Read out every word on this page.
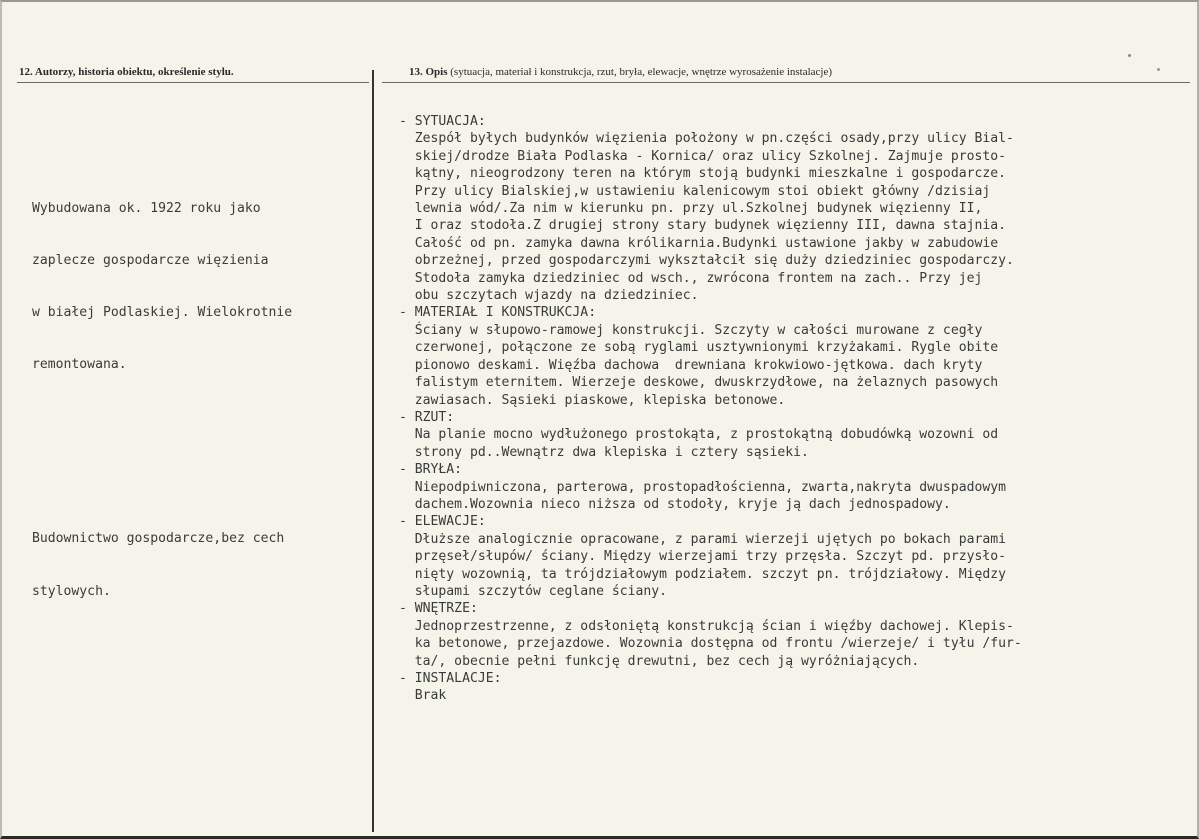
12. Autorzy, historia obiektu, określenie stylu.	13. Opis (sytuacja, materiał i konstrukcja, rzut, bryła, elewacje, wnętrze wyrosażenie instalacje)

Wybudowana ok. 1922 roku jako

zaplecze gospodarcze więzienia

w białej Podlaskiej. Wielokrotnie

remontowana.

Budownictwo gospodarcze,bez cech

stylowych.

- SYTUACJA:
Zespół byłych budynków więzienia położony w pn.części osady,przy ulicy Bial-
skiej/drodze Biała Podlaska - Kornica/ oraz ulicy Szkolnej. Zajmuje prosto-
kątny, nieogrodzony teren na którym stoją budynki mieszkalne i gospodarcze.
Przy ulicy Bialskiej,w ustawieniu kalenicowym stoi obiekt główny /dzisiaj
lewnia wód/.Za nim w kierunku pn. przy ul.Szkolnej budynek więzienny II,
I oraz stodoła.Z drugiej strony stary budynek więzienny III, dawna stajnia.
Całość od pn. zamyka dawna królikarnia.Budynki ustawione jakby w zabudowie
obrzeżnej, przed gospodarczymi wykształcił się duży dziedziniec gospodarczy.
Stodoła zamyka dziedziniec od wsch., zwrócona frontem na zach.. Przy jej
obu szczytach wjazdy na dziedziniec.
- MATERIAŁ I KONSTRUKCJA:
Ściany w słupowo-ramowej konstrukcji. Szczyty w całości murowane z cegły
czerwonej, połączone ze sobą ryglami usztywnionymi krzyżakami. Rygle obite
pionowo deskami. Więźba dachowa  drewniana krokwiowo-jętkowa. dach kryty
falistym eternitem. Wierzeje deskowe, dwuskrzydłowe, na żelaznych pasowych
zawiasach. Sąsieki piaskowe, klepiska betonowe.
- RZUT:
Na planie mocno wydłużonego prostokąta, z prostokątną dobudówką wozowni od
strony pd..Wewnątrz dwa klepiska i cztery sąsieki.
- BRYŁA:
Niepodpiwniczona, parterowa, prostopadłościenna, zwarta,nakryta dwuspadowym
dachem.Wozownia nieco niższa od stodoły, kryje ją dach jednospadowy.
- ELEWACJE:
Dłuższe analogicznie opracowane, z parami wierzeji ujętych po bokach parami
przęseł/słupów/ ściany. Między wierzejami trzy przęsła. Szczyt pd. przysło-
nięty wozownią, ta trójdziałowym podziałem. szczyt pn. trójdziałowy. Między
słupami szczytów ceglane ściany.
- WNĘTRZE:
Jednoprzestrzenne, z odsłoniętą konstrukcją ścian i więźby dachowej. Klepis-
ka betonowe, przejazdowe. Wozownia dostępna od frontu /wierzeje/ i tyłu /fur-
ta/, obecnie pełni funkcję drewutni, bez cech ją wyróżniających.
- INSTALACJE:
Brak
